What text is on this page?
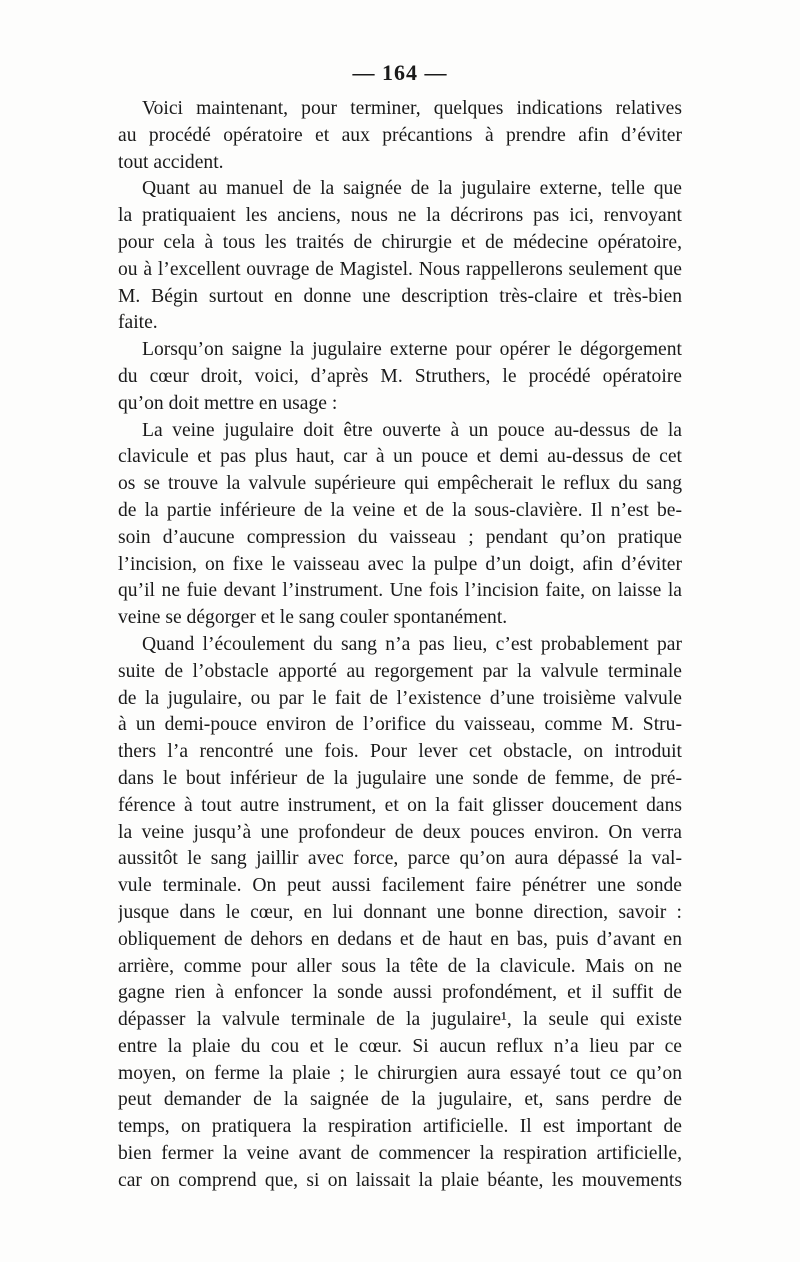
— 164 —
Voici maintenant, pour terminer, quelques indications relatives
au procédé opératoire et aux précantions à prendre afin d’éviter
tout accident.
Quant au manuel de la saignée de la jugulaire externe, telle que
la pratiquaient les anciens, nous ne la décrirons pas ici, renvoyant
pour cela à tous les traités de chirurgie et de médecine opératoire,
ou à l’excellent ouvrage de Magistel. Nous rappellerons seulement que
M. Bégin surtout en donne une description très-claire et très-bien
faite.
Lorsqu’on saigne la jugulaire externe pour opérer le dégorgement
du cœur droit, voici, d’après M. Struthers, le procédé opératoire
qu’on doit mettre en usage :
La veine jugulaire doit être ouverte à un pouce au-dessus de la
clavicule et pas plus haut, car à un pouce et demi au-dessus de cet
os se trouve la valvule supérieure qui empêcherait le reflux du sang
de la partie inférieure de la veine et de la sous-clavière. Il n’est be-
soin d’aucune compression du vaisseau ; pendant qu’on pratique
l’incision, on fixe le vaisseau avec la pulpe d’un doigt, afin d’éviter
qu’il ne fuie devant l’instrument. Une fois l’incision faite, on laisse la
veine se dégorger et le sang couler spontanément.
Quand l’écoulement du sang n’a pas lieu, c’est probablement par
suite de l’obstacle apporté au regorgement par la valvule terminale
de la jugulaire, ou par le fait de l’existence d’une troisième valvule
à un demi-pouce environ de l’orifice du vaisseau, comme M. Stru-
thers l’a rencontré une fois. Pour lever cet obstacle, on introduit
dans le bout inférieur de la jugulaire une sonde de femme, de pré-
férence à tout autre instrument, et on la fait glisser doucement dans
la veine jusqu’à une profondeur de deux pouces environ. On verra
aussitôt le sang jaillir avec force, parce qu’on aura dépassé la val-
vule terminale. On peut aussi facilement faire pénétrer une sonde
jusque dans le cœur, en lui donnant une bonne direction, savoir :
obliquement de dehors en dedans et de haut en bas, puis d’avant en
arrière, comme pour aller sous la tête de la clavicule. Mais on ne
gagne rien à enfoncer la sonde aussi profondément, et il suffit de
dépasser la valvule terminale de la jugulaire¹, la seule qui existe
entre la plaie du cou et le cœur. Si aucun reflux n’a lieu par ce
moyen, on ferme la plaie ; le chirurgien aura essayé tout ce qu’on
peut demander de la saignée de la jugulaire, et, sans perdre de
temps, on pratiquera la respiration artificielle. Il est important de
bien fermer la veine avant de commencer la respiration artificielle,
car on comprend que, si on laissait la plaie béante, les mouvements
